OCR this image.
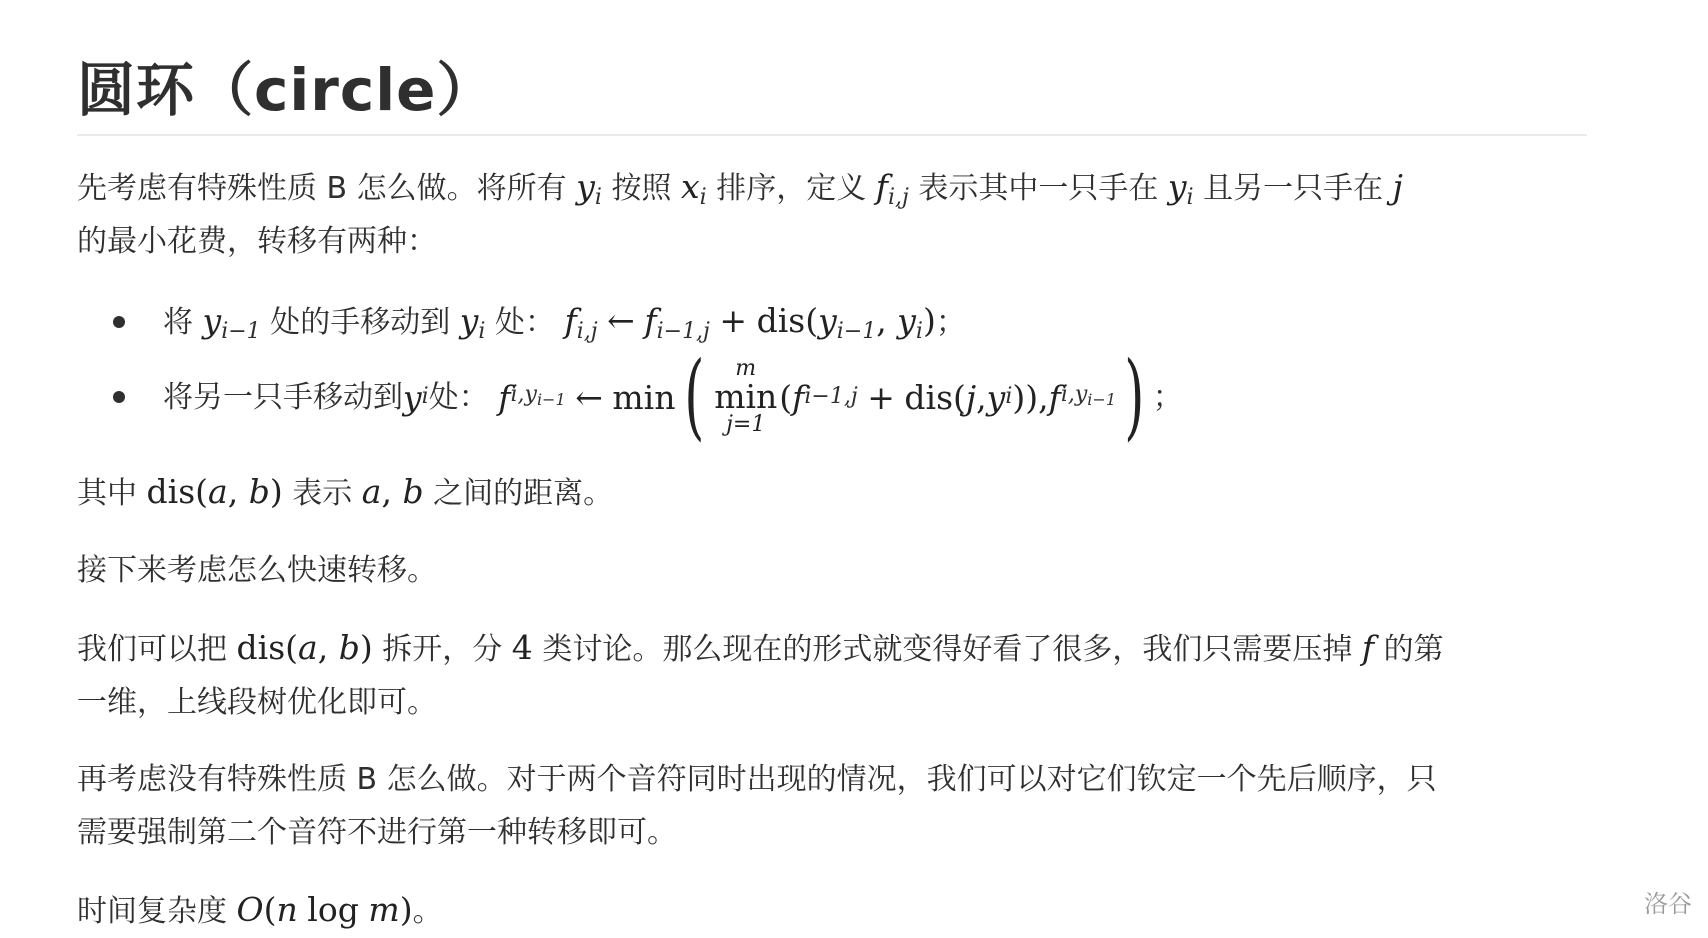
圆环（circle）

先考虑有特殊性质 B 怎么做。将所有 $y_i$ 按照 $x_i$ 排序，定义 $f_{i,j}$ 表示其中一只手在 $y_i$ 且另一只手在 j
的最小花费，转移有两种：

将 $y_{i-1}$ 处的手移动到 $y_i$ 处： $f_{i,j}$ ← $f_{i-1,j} + dis(y_{i-1}$, $y_i$)；
将另一只手移动到 y i 处：
f $i,y_{i-1}$
←
min ( m
min
j=1
( f i−1,j
+
dis ( j , y i ) ) , f $i,y_{i-1}$ ) ；

其中 dis(a, b) 表示 a, b 之间的距离。

接下来考虑怎么快速转移。

我们可以把 dis(a, b) 拆开，分 4 类讨论。那么现在的形式就变得好看了很多，我们只需要压掉 f 的第
一维，上线段树优化即可。

再考虑没有特殊性质 B 怎么做。对于两个音符同时出现的情况，我们可以对它们钦定一个先后顺序，只
需要强制第二个音符不进行第一种转移即可。

时间复杂度 O(n log m)。	洛谷
